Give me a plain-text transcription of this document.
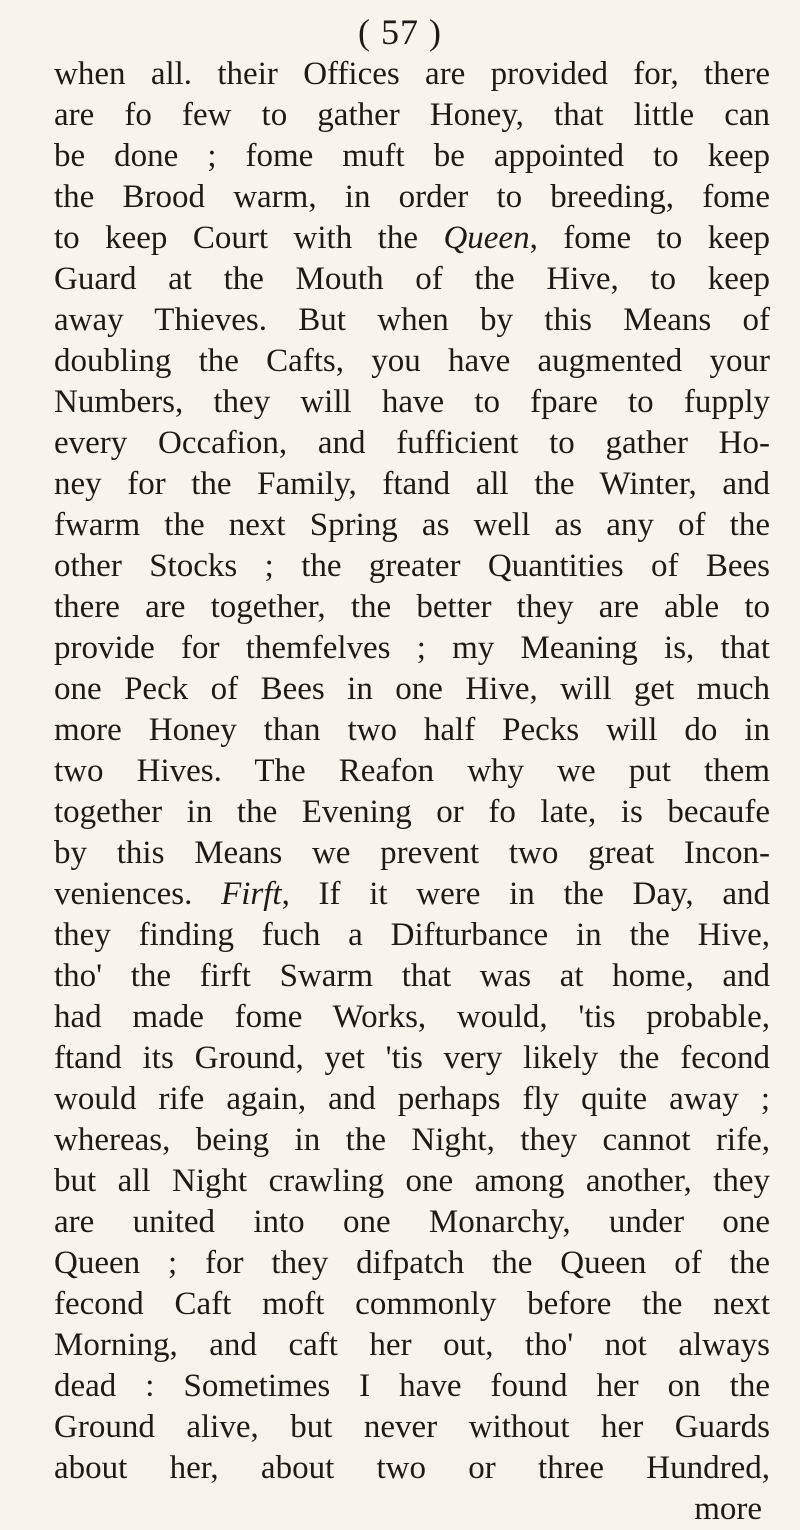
( 57 )
when all. their Offices are provided for, there
are fo few to gather Honey, that little can
be done ; fome muft be appointed to keep
the Brood warm, in order to breeding, fome
to keep Court with the Queen, fome to keep
Guard at the Mouth of the Hive, to keep
away Thieves. But when by this Means of
doubling the Cafts, you have augmented your
Numbers, they will have to fpare to fupply
every Occafion, and fufficient to gather Ho-
ney for the Family, ftand all the Winter, and
fwarm the next Spring as well as any of the
other Stocks ; the greater Quantities of Bees
there are together, the better they are able to
provide for themfelves ; my Meaning is, that
one Peck of Bees in one Hive, will get much
more Honey than two half Pecks will do in
two Hives. The Reafon why we put them
together in the Evening or fo late, is becaufe
by this Means we prevent two great Incon-
veniences. Firft, If it were in the Day, and
they finding fuch a Difturbance in the Hive,
tho' the firft Swarm that was at home, and
had made fome Works, would, 'tis probable,
ftand its Ground, yet 'tis very likely the fecond
would rife again, and perhaps fly quite away ;
whereas, being in the Night, they cannot rife,
but all Night crawling one among another, they
are united into one Monarchy, under one
Queen ; for they difpatch the Queen of the
fecond Caft moft commonly before the next
Morning, and caft her out, tho' not always
dead : Sometimes I have found her on the
Ground alive, but never without her Guards
about her, about two or three Hundred,
more
